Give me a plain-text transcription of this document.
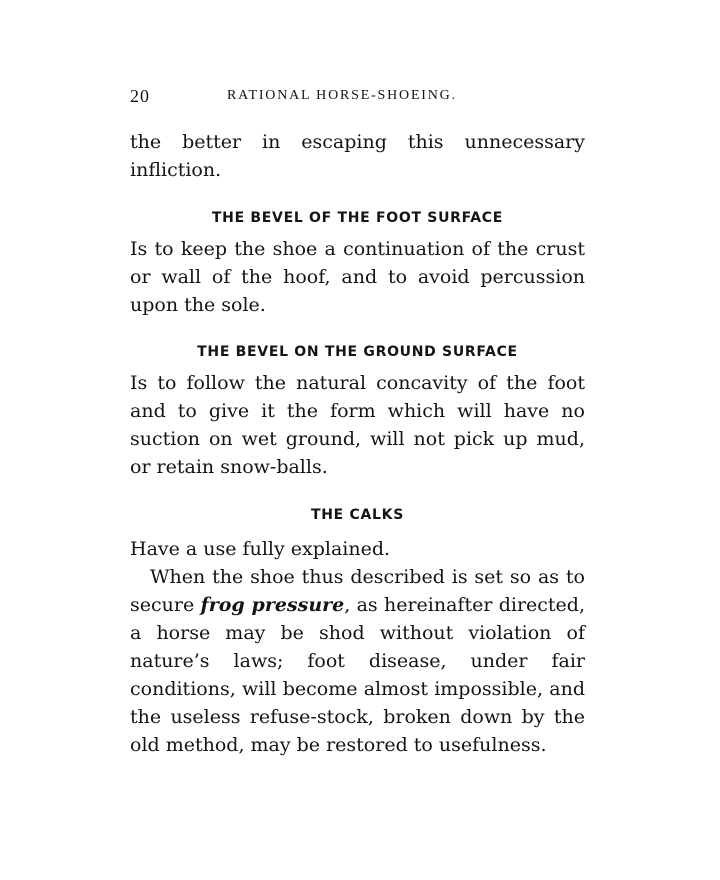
20	RATIONAL HORSE-SHOEING.

the better in escaping this unnecessary infliction.

THE BEVEL OF THE FOOT SURFACE

Is to keep the shoe a continuation of the crust or wall of the hoof, and to avoid percussion upon the sole.

THE BEVEL ON THE GROUND SURFACE

Is to follow the natural concavity of the foot and to give it the form which will have no suction on wet ground, will not pick up mud, or retain snow-balls.

THE CALKS

Have a use fully explained.

When the shoe thus described is set so as to secure frog pressure, as hereinafter directed, a horse may be shod without violation of nature’s laws; foot disease, under fair conditions, will become almost impossible, and the useless refuse-stock, broken down by the old method, may be restored to usefulness.
